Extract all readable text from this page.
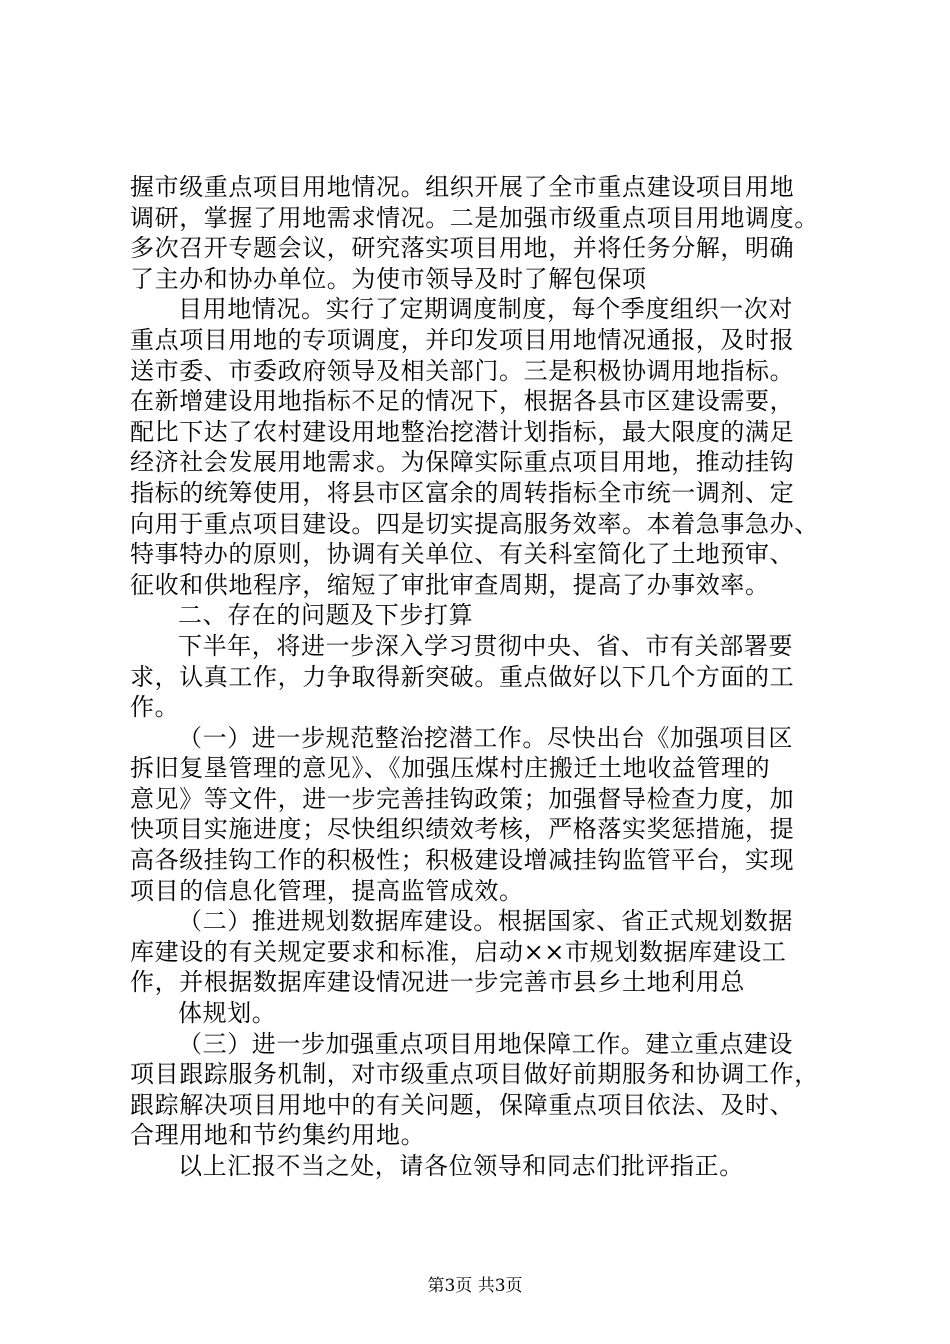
握市级重点项目用地情况。组织开展了全市重点建设项目用地
调研，掌握了用地需求情况。二是加强市级重点项目用地调度。
多次召开专题会议，研究落实项目用地，并将任务分解，明确
了主办和协办单位。为使市领导及时了解包保项
目用地情况。实行了定期调度制度，每个季度组织一次对
重点项目用地的专项调度，并印发项目用地情况通报，及时报
送市委、市委政府领导及相关部门。三是积极协调用地指标。
在新增建设用地指标不足的情况下，根据各县市区建设需要，
配比下达了农村建设用地整治挖潜计划指标，最大限度的满足
经济社会发展用地需求。为保障实际重点项目用地，推动挂钩
指标的统筹使用，将县市区富余的周转指标全市统一调剂、定
向用于重点项目建设。四是切实提高服务效率。本着急事急办、
特事特办的原则，协调有关单位、有关科室简化了土地预审、
征收和供地程序，缩短了审批审查周期，提高了办事效率。
二、存在的问题及下步打算
下半年，将进一步深入学习贯彻中央、省、市有关部署要
求，认真工作，力争取得新突破。重点做好以下几个方面的工
作。
（一）进一步规范整治挖潜工作。尽快出台《加强项目区
拆旧复垦管理的意见》、《加强压煤村庄搬迁土地收益管理的
意见》等文件，进一步完善挂钩政策；加强督导检查力度，加
快项目实施进度；尽快组织绩效考核，严格落实奖惩措施，提
高各级挂钩工作的积极性；积极建设增减挂钩监管平台，实现
项目的信息化管理，提高监管成效。
（二）推进规划数据库建设。根据国家、省正式规划数据
库建设的有关规定要求和标准，启动××市规划数据库建设工
作，并根据数据库建设情况进一步完善市县乡土地利用总
体规划。
（三）进一步加强重点项目用地保障工作。建立重点建设
项目跟踪服务机制，对市级重点项目做好前期服务和协调工作，
跟踪解决项目用地中的有关问题，保障重点项目依法、及时、
合理用地和节约集约用地。
以上汇报不当之处，请各位领导和同志们批评指正。
第3页 共3页
